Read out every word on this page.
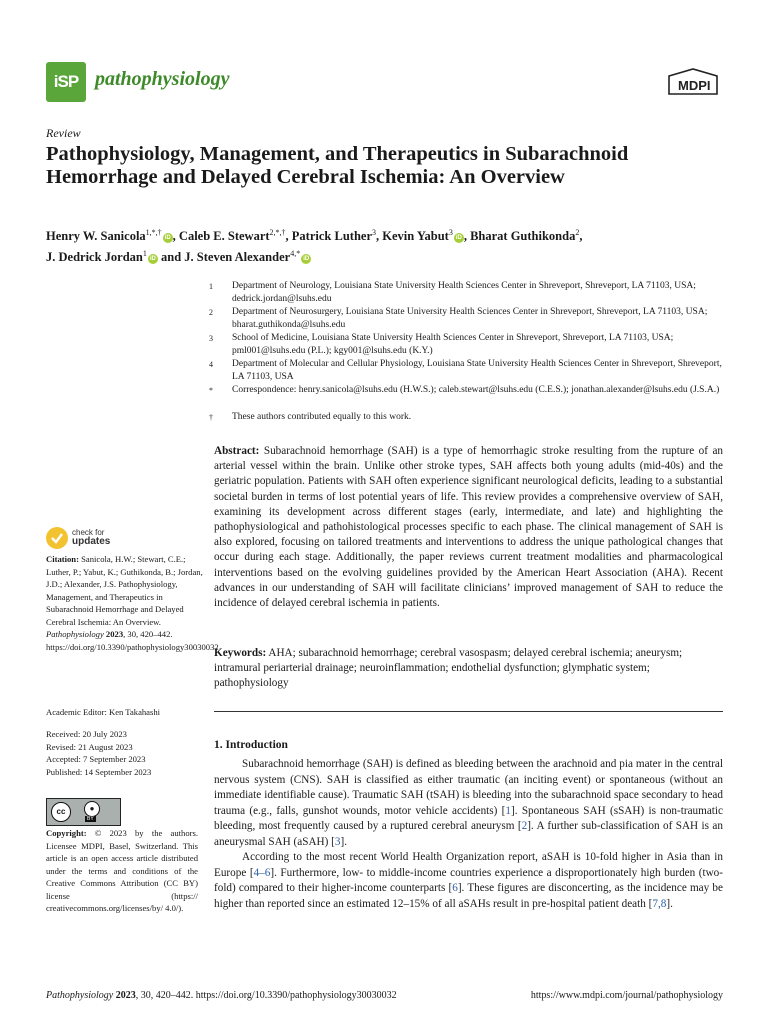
iSP pathophysiology	MDPI
Review
Pathophysiology, Management, and Therapeutics in Subarachnoid Hemorrhage and Delayed Cerebral Ischemia: An Overview
Henry W. Sanicola$^{1,*,\dagger}$iD , Caleb E. Stewart$^{2,*,\dagger}$, Patrick Luther$^3$, Kevin Yabut$^3$iD , Bharat Guthikonda$^2$,
J. Dedrick Jordan$^1$iD and J. Steven Alexander$^{4,*}$iD
1 Department of Neurology, Louisiana State University Health Sciences Center in Shreveport, Shreveport, LA 71103, USA; dedrick.jordan@lsuhs.edu
2 Department of Neurosurgery, Louisiana State University Health Sciences Center in Shreveport, Shreveport, LA 71103, USA; bharat.guthikonda@lsuhs.edu
3 School of Medicine, Louisiana State University Health Sciences Center in Shreveport, Shreveport, LA 71103, USA; pml001@lsuhs.edu (P.L.); kgy001@lsuhs.edu (K.Y.)
4 Department of Molecular and Cellular Physiology, Louisiana State University Health Sciences Center in Shreveport, Shreveport, LA 71103, USA
* Correspondence: henry.sanicola@lsuhs.edu (H.W.S.); caleb.stewart@lsuhs.edu (C.E.S.); jonathan.alexander@lsuhs.edu (J.S.A.)
† These authors contributed equally to this work.
Abstract: Subarachnoid hemorrhage (SAH) is a type of hemorrhagic stroke resulting from the rupture of an arterial vessel within the brain. Unlike other stroke types, SAH affects both young adults (mid-40s) and the geriatric population. Patients with SAH often experience significant neurological deficits, leading to a substantial societal burden in terms of lost potential years of life. This review provides a comprehensive overview of SAH, examining its development across different stages (early, intermediate, and late) and highlighting the pathophysiological and pathohistological processes specific to each phase. The clinical management of SAH is also explored, focusing on tailored treatments and interventions to address the unique pathological changes that occur during each stage. Additionally, the paper reviews current treatment modalities and pharmacological interventions based on the evolving guidelines provided by the American Heart Association (AHA). Recent advances in our understanding of SAH will facilitate clinicians’ improved management of SAH to reduce the incidence of delayed cerebral ischemia in patients.
Keywords: AHA; subarachnoid hemorrhage; cerebral vasospasm; delayed cerebral ischemia; aneurysm; intramural periarterial drainage; neuroinflammation; endothelial dysfunction; glymphatic system; pathophysiology
1. Introduction
Subarachnoid hemorrhage (SAH) is defined as bleeding between the arachnoid and pia mater in the central nervous system (CNS). SAH is classified as either traumatic (an inciting event) or spontaneous (without an immediate identifiable cause). Traumatic SAH (tSAH) is bleeding into the subarachnoid space secondary to head trauma (e.g., falls, gunshot wounds, motor vehicle accidents) [1]. Spontaneous SAH (sSAH) is non-traumatic bleeding, most frequently caused by a ruptured cerebral aneurysm [2]. A further sub-classification of SAH is an aneurysmal SAH (aSAH) [3].
According to the most recent World Health Organization report, aSAH is 10-fold higher in Asia than in Europe [4–6]. Furthermore, low- to middle-income countries experience a disproportionately high burden (two-fold) compared to their higher-income counterparts [6]. These figures are disconcerting, as the incidence may be higher than reported since an estimated 12–15% of all aSAHs result in pre-hospital patient death [7,8].
check for
updates
Citation: Sanicola, H.W.; Stewart, C.E.; Luther, P.; Yabut, K.; Guthikonda, B.; Jordan, J.D.; Alexander, J.S. Pathophysiology, Management, and Therapeutics in Subarachnoid Hemorrhage and Delayed Cerebral Ischemia: An Overview. Pathophysiology 2023, 30, 420–442. https://doi.org/10.3390/pathophysiology30030032
Academic Editor: Ken Takahashi
Received: 20 July 2023
Revised: 21 August 2023
Accepted: 7 September 2023
Published: 14 September 2023
cc	●
BY
Copyright: © 2023 by the authors. Licensee MDPI, Basel, Switzerland. This article is an open access article distributed under the terms and conditions of the Creative Commons Attribution (CC BY) license (https:// creativecommons.org/licenses/by/ 4.0/).
Pathophysiology 2023, 30, 420–442. https://doi.org/10.3390/pathophysiology30030032	https://www.mdpi.com/journal/pathophysiology
